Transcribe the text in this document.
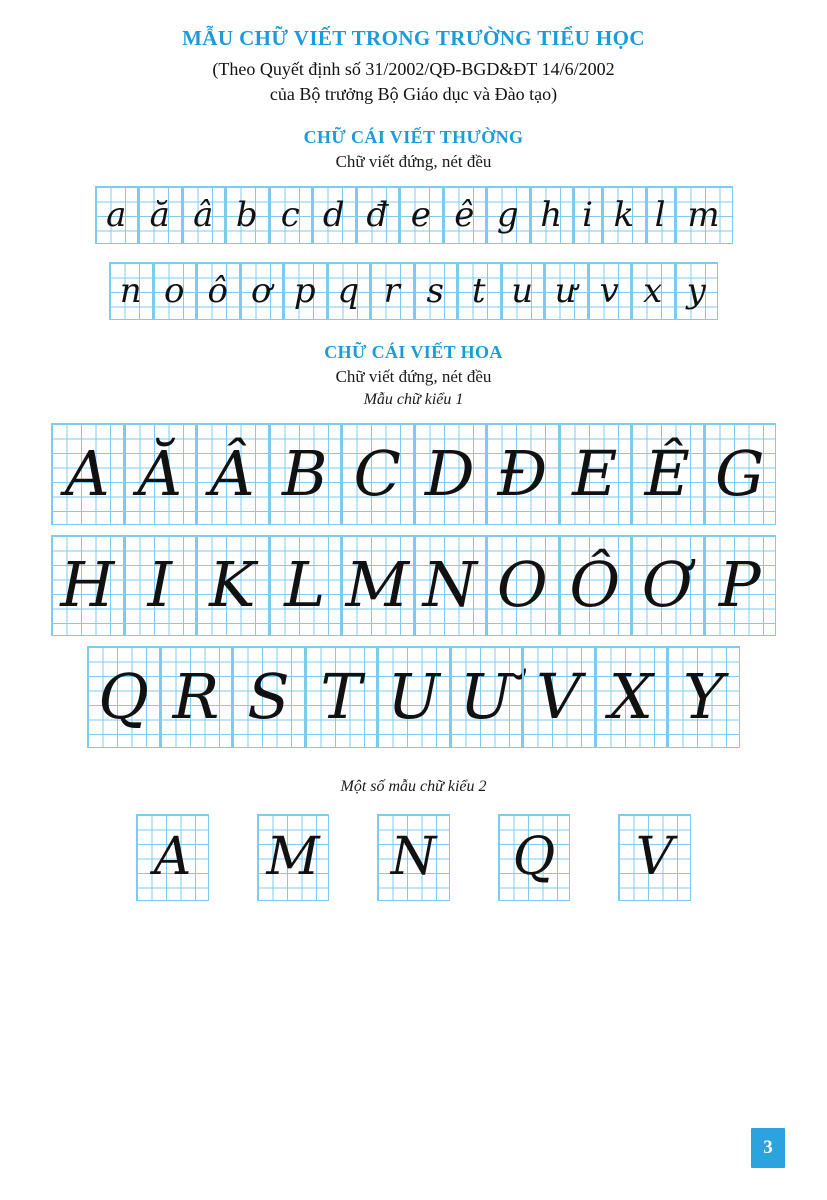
MẪU CHỮ VIẾT TRONG TRƯỜNG TIỂU HỌC
(Theo Quyết định số 31/2002/QĐ-BGD&ĐT 14/6/2002
của Bộ trưởng Bộ Giáo dục và Đào tạo)
CHỮ CÁI VIẾT THƯỜNG
Chữ viết đứng, nét đều
a ă â b c d đ e ê g h i k l m
n o ô ơ p q r s t u ư v x y
CHỮ CÁI VIẾT HOA
Chữ viết đứng, nét đều
Mẫu chữ kiểu 1
A Ă Â B C D Đ E Ê G
H I K L M N O Ô Ơ P
Q R S T U Ư V X Y
Một số mẫu chữ kiểu 2
A	M N Q	V
3
